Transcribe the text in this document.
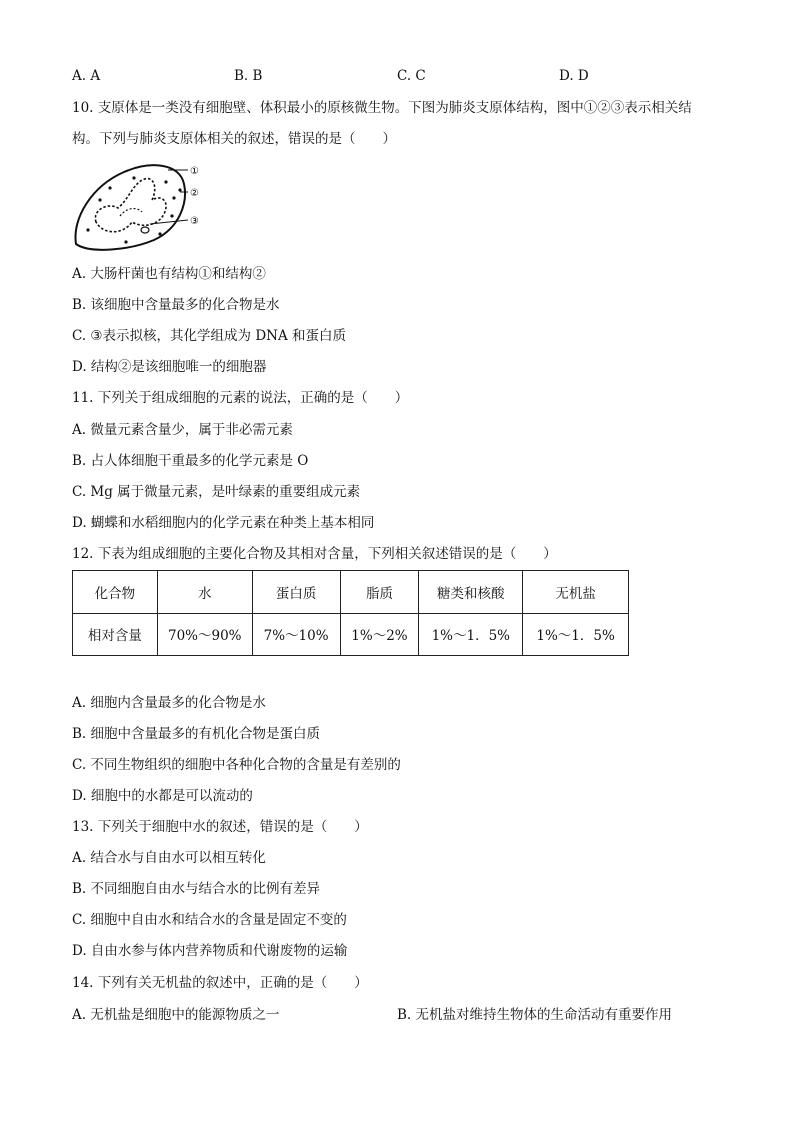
A. A	B. B	C. C	D. D
10. 支原体是一类没有细胞壁、体积最小的原核微生物。下图为肺炎支原体结构，图中①②③表示相关结
构。下列与肺炎支原体相关的叙述，错误的是（　　）
①
②
③
A. 大肠杆菌也有结构①和结构②
B. 该细胞中含量最多的化合物是水
C. ③表示拟核，其化学组成为 DNA 和蛋白质
D. 结构②是该细胞唯一的细胞器
11. 下列关于组成细胞的元素的说法，正确的是（　　）
A. 微量元素含量少，属于非必需元素
B. 占人体细胞干重最多的化学元素是 O
C. Mg 属于微量元素，是叶绿素的重要组成元素
D. 蝴蝶和水稻细胞内的化学元素在种类上基本相同
12. 下表为组成细胞的主要化合物及其相对含量，下列相关叙述错误的是（　　）
化合物	水	蛋白质	脂质	糖类和核酸	无机盐
相对含量	70%～90%	7%～10%	1%～2%	1%～1．5%	1%～1．5%
A. 细胞内含量最多的化合物是水
B. 细胞中含量最多的有机化合物是蛋白质
C. 不同生物组织的细胞中各种化合物的含量是有差别的
D. 细胞中的水都是可以流动的
13. 下列关于细胞中水的叙述，错误的是（　　）
A. 结合水与自由水可以相互转化
B. 不同细胞自由水与结合水的比例有差异
C. 细胞中自由水和结合水的含量是固定不变的
D. 自由水参与体内营养物质和代谢废物的运输
14. 下列有关无机盐的叙述中，正确的是（　　）
A. 无机盐是细胞中的能源物质之一	B. 无机盐对维持生物体的生命活动有重要作用
